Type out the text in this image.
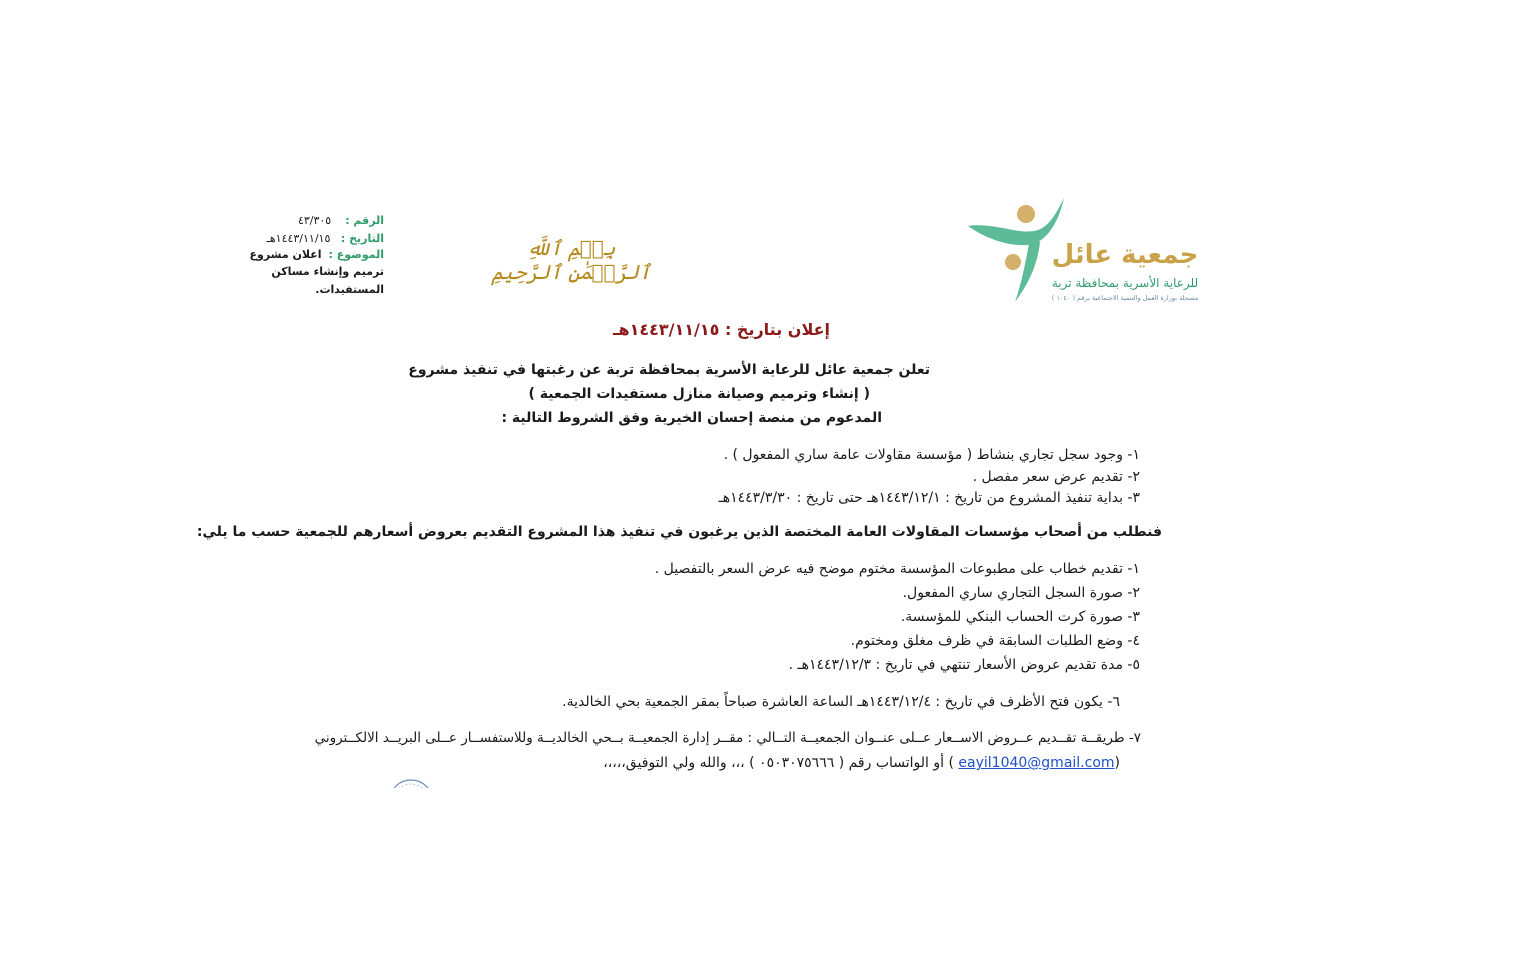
الرقم :    ٤٣/٣٠٥
التاريخ :   ١٤٤٣/١١/١٥هـ
الموضوع :  اعلان مشروع
ترميم وإنشاء مساكن
المستفيدات.
بِسۡمِ ٱللَّهِ ٱلرَّحۡمَٰنِ ٱلرَّحِيمِ
جمعية عائل
للرعاية الأسرية بمحافظة تربة
مسجلة بوزارة العمل والتنمية الاجتماعية برقم ( ١٠٤٠ )
إعلان بتاريخ : ١٤٤٣/١١/١٥هـ
تعلن جمعية عائل للرعاية الأسرية بمحافظة تربة عن رغبتها في تنفيذ مشروع
( إنشاء وترميم وصيانة منازل مستفيدات الجمعية )
المدعوم من منصة إحسان الخيرية وفق الشروط التالية :
١- وجود سجل تجاري بنشاط ( مؤسسة مقاولات عامة ساري المفعول ) .
٢- تقديم عرض سعر مفصل .
٣- بداية تنفيذ المشروع من تاريخ : ١٤٤٣/١٢/١هـ حتى تاريخ : ١٤٤٣/٣/٣٠هـ
فنطلب من أصحاب مؤسسات المقاولات العامة المختصة الذين يرغبون في تنفيذ هذا المشروع التقديم بعروض أسعارهم للجمعية حسب ما يلي:
١- تقديم خطاب على مطبوعات المؤسسة مختوم موضح فيه عرض السعر بالتفصيل .
٢- صورة السجل التجاري ساري المفعول.
٣- صورة كرت الحساب البنكي للمؤسسة.
٤- وضع الطلبات السابقة في ظرف مغلق ومختوم.
٥- مدة تقديم عروض الأسعار تنتهي في تاريخ : ١٤٤٣/١٢/٣هـ .
٦- يكون فتح الأظرف في تاريخ : ١٤٤٣/١٢/٤هـ الساعة العاشرة صباحاً بمقر الجمعية بحي الخالدية.
٧- طريقــة تقــديم عــروض الاســعار عــلى عنــوان الجمعيــة التــالي : مقــر إدارة الجمعيــة بــحي الخالديــة وللاستفســار عــلى البريــد الالكــتروني
(eayil1040@gmail.com ) أو الواتساب رقم ( ٠٥٠٣٠٧٥٦٦٦ ) ،،، والله ولي التوفيق،،،،،
